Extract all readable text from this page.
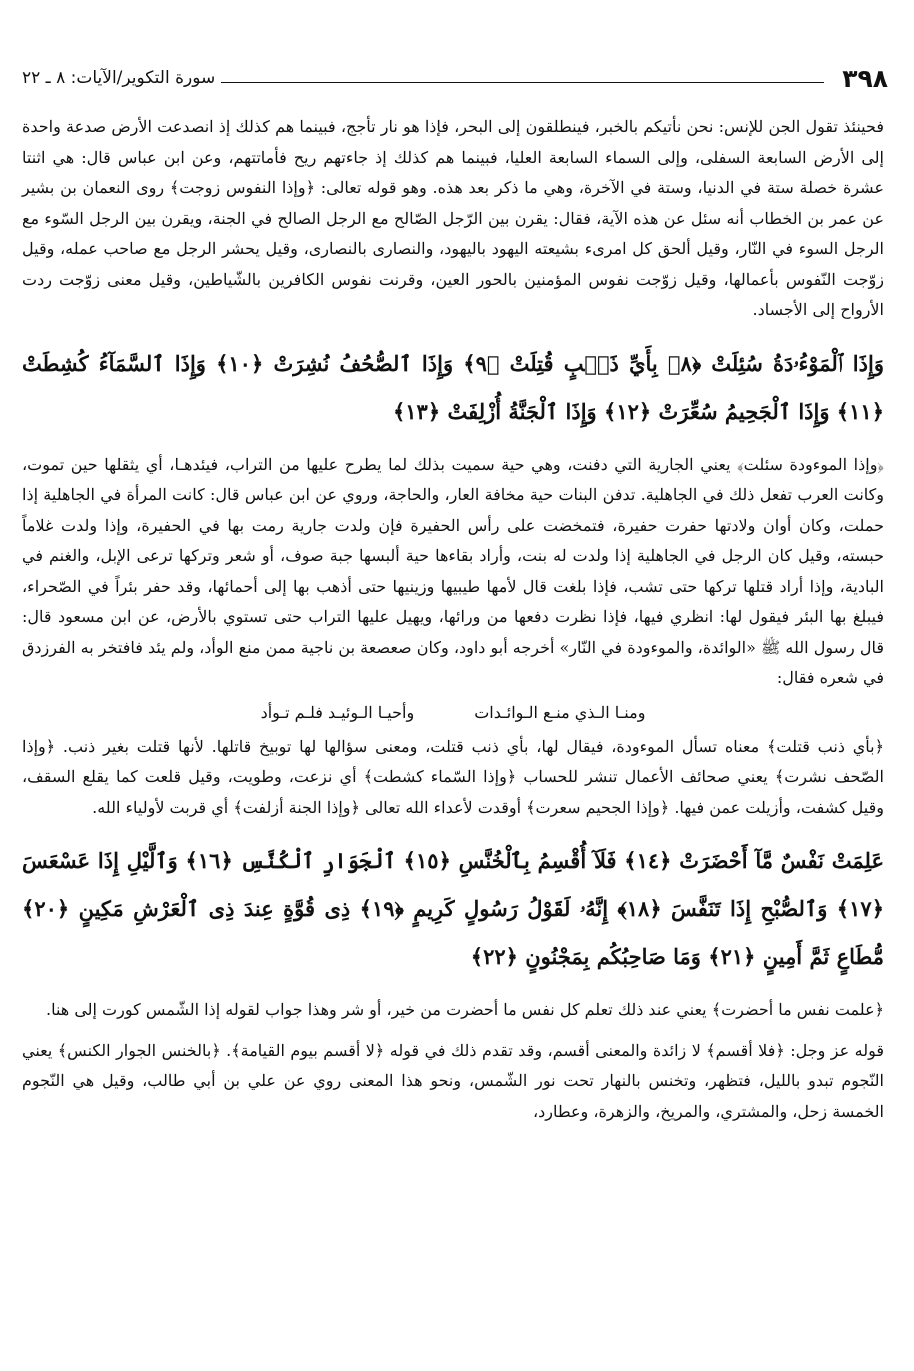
٣٩٨
سورة التكوير/الآيات: ٨ ـ ٢٢

فحينئذ تقول الجن للإنس: نحن نأتيكم بالخبر، فينطلقون إلى البحر، فإذا هو نار تأجج، فبينما هم كذلك إذ انصدعت الأرض صدعة واحدة إلى الأرض السابعة السفلى، وإلى السماء السابعة العليا، فبينما هم كذلك إذ جاءتهم ريح فأماتتهم، وعن ابن عباس قال: هي اثنتا عشرة خصلة ستة في الدنيا، وستة في الآخرة، وهي ما ذكر بعد هذه. وهو قوله تعالى: ﴿وإذا النفوس زوجت﴾ روى النعمان بن بشير عن عمر بن الخطاب أنه سئل عن هذه الآية، فقال: يقرن بين الرّجل الصّالح مع الرجل الصالح في الجنة، ويقرن بين الرجل السّوء مع الرجل السوء في النّار، وقيل ألحق كل امرىء بشيعته اليهود باليهود، والنصارى بالنصارى، وقيل يحشر الرجل مع صاحب عمله، وقيل زوّجت النّفوس بأعمالها، وقيل زوّجت نفوس المؤمنين بالحور العين، وقرنت نفوس الكافرين بالشّياطين، وقيل معنى زوّجت ردت الأرواح إلى الأجساد.

وَإِذَا ٱلْمَوْءُۥدَةُ سُئِلَتْ ﴿٨﴾ بِأَيِّ ذَنۢبٍ قُتِلَتْ ﴿٩﴾ وَإِذَا ٱلصُّحُفُ نُشِرَتْ ﴿١٠﴾ وَإِذَا ٱلسَّمَآءُ كُشِطَتْ ﴿١١﴾ وَإِذَا ٱلْجَحِيمُ سُعِّرَتْ ﴿١٢﴾ وَإِذَا ٱلْجَنَّةُ أُزْلِفَتْ ﴿١٣﴾

﴿وإذا الموءودة سئلت﴾ يعني الجارية التي دفنت، وهي حية سميت بذلك لما يطرح عليها من التراب، فيئدهـا، أي يثقلها حين تموت، وكانت العرب تفعل ذلك في الجاهلية. تدفن البنات حية مخافة العار، والحاجة، وروي عن ابن عباس قال: كانت المرأة في الجاهلية إذا حملت، وكان أوان ولادتها حفرت حفيرة، فتمخضت على رأس الحفيرة فإن ولدت جارية رمت بها في الحفيرة، وإذا ولدت غلاماً حبسته، وقيل كان الرجل في الجاهلية إذا ولدت له بنت، وأراد بقاءها حية ألبسها جبة صوف، أو شعر وتركها ترعى الإبل، والغنم في البادية، وإذا أراد قتلها تركها حتى تشب، فإذا بلغت قال لأمها طيبيها وزينيها حتى أذهب بها إلى أحمائها، وقد حفر بئراً في الصّحراء، فيبلغ بها البئر فيقول لها: انظري فيها، فإذا نظرت دفعها من ورائها، ويهيل عليها التراب حتى تستوي بالأرض، عن ابن مسعود قال: قال رسول الله ﷺ «الوائدة، والموءودة في النّار» أخرجه أبو داود، وكان صعصعة بن ناجية ممن منع الوأد، ولم يئد فافتخر به الفرزدق في شعره فقال:

ومنـا الـذي منـع الـوائـدات
وأحيـا الـوئيـد فلـم تـوأد

﴿بأي ذنب قتلت﴾ معناه تسأل الموءودة، فيقال لها، بأي ذنب قتلت، ومعنى سؤالها لها توبيخ قاتلها. لأنها قتلت بغير ذنب. ﴿وإذا الصّحف نشرت﴾ يعني صحائف الأعمال تنشر للحساب ﴿وإذا السّماء كشطت﴾ أي نزعت، وطويت، وقيل قلعت كما يقلع السقف، وقيل كشفت، وأزيلت عمن فيها. ﴿وإذا الجحيم سعرت﴾ أوقدت لأعداء الله تعالى ﴿وإذا الجنة أزلفت﴾ أي قربت لأولياء الله.

عَلِمَتْ نَفْسٌ مَّآ أَحْضَرَتْ ﴿١٤﴾ فَلَآ أُقْسِمُ بِٱلْخُنَّسِ ﴿١٥﴾ ٱلْجَوَارِ ٱلْكُنَّسِ ﴿١٦﴾ وَٱلَّيْلِ إِذَا عَسْعَسَ ﴿١٧﴾ وَٱلصُّبْحِ إِذَا تَنَفَّسَ ﴿١٨﴾ إِنَّهُۥ لَقَوْلُ رَسُولٍ كَرِيمٍ ﴿١٩﴾ ذِى قُوَّةٍ عِندَ ذِى ٱلْعَرْشِ مَكِينٍ ﴿٢٠﴾ مُّطَاعٍ ثَمَّ أَمِينٍ ﴿٢١﴾ وَمَا صَاحِبُكُم بِمَجْنُونٍ ﴿٢٢﴾

﴿علمت نفس ما أحضرت﴾ يعني عند ذلك تعلم كل نفس ما أحضرت من خير، أو شر وهذا جواب لقوله إذا الشّمس كورت إلى هنا.

قوله عز وجل: ﴿فلا أقسم﴾ لا زائدة والمعنى أقسم، وقد تقدم ذلك في قوله ﴿لا أقسم بيوم القيامة﴾. ﴿بالخنس الجوار الكنس﴾ يعني النّجوم تبدو بالليل، فتظهر، وتخنس بالنهار تحت نور الشّمس، ونحو هذا المعنى روي عن علي بن أبي طالب، وقيل هي النّجوم الخمسة زحل، والمشتري، والمريخ، والزهرة، وعطارد،
